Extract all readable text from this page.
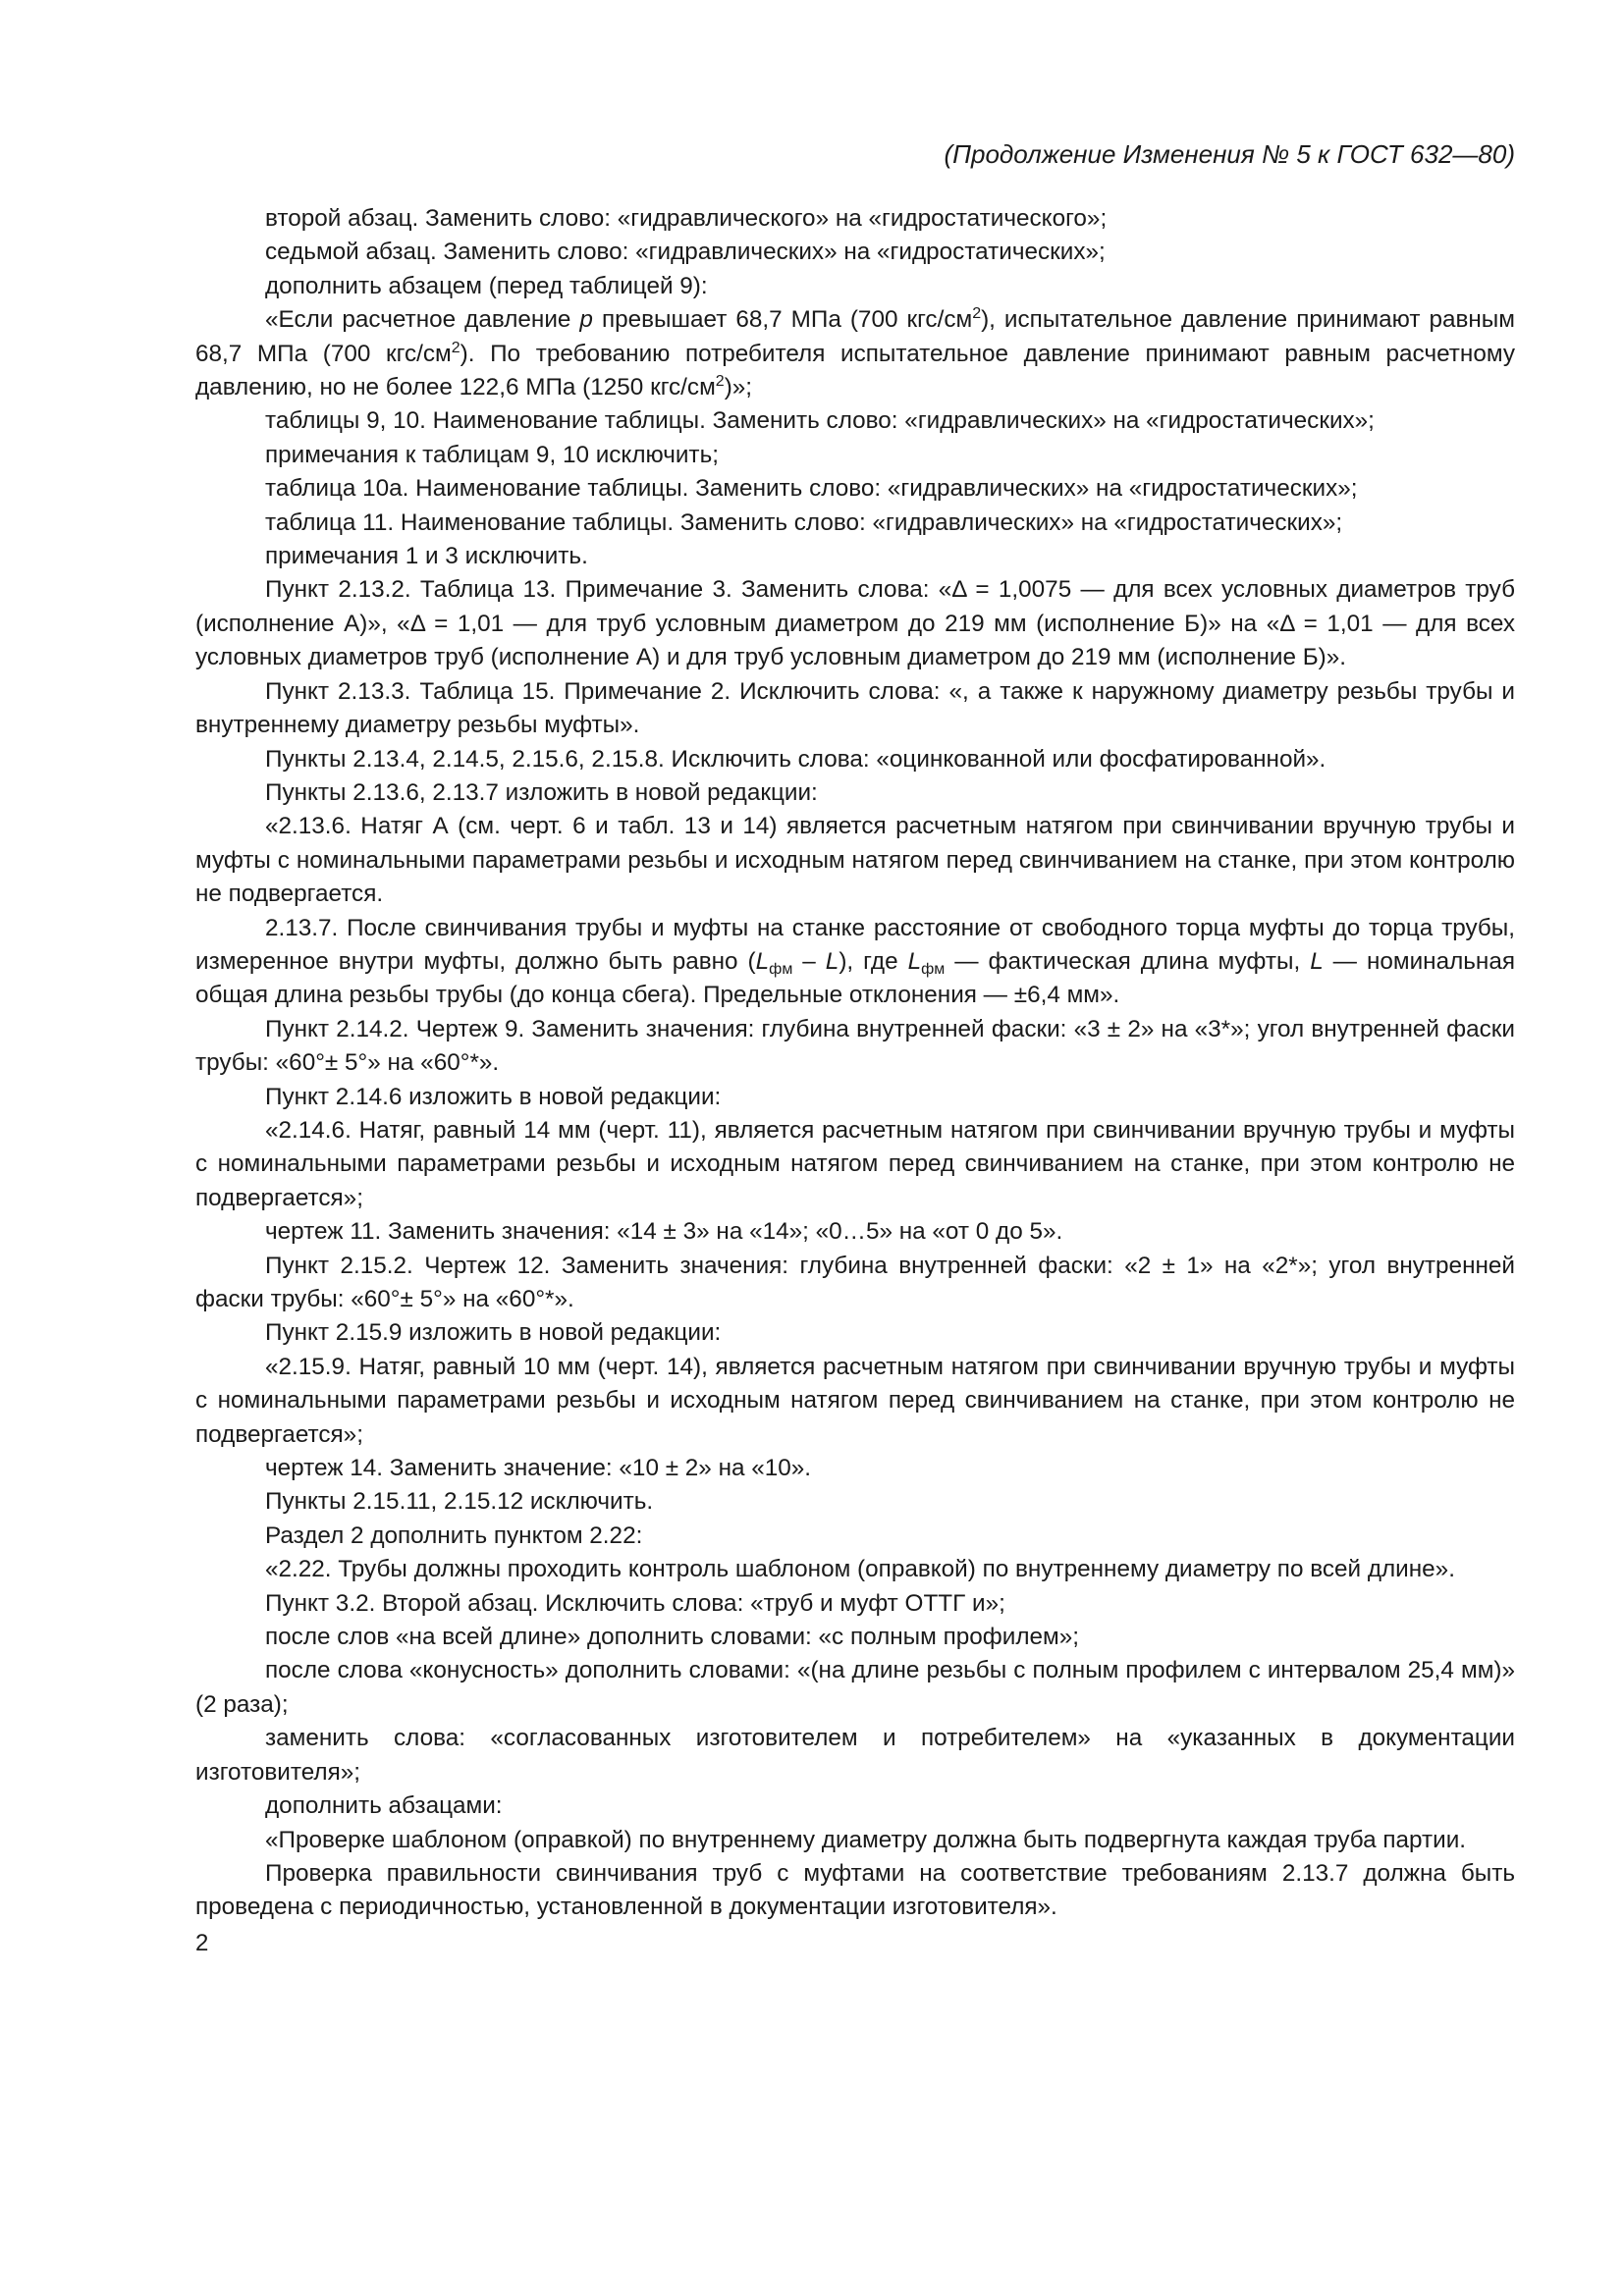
(Продолжение Изменения № 5 к ГОСТ 632—80)

второй абзац. Заменить слово: «гидравлического» на «гидростатического»;

седьмой абзац. Заменить слово: «гидравлических» на «гидростатических»;

дополнить абзацем (перед таблицей 9):

«Если расчетное давление р превышает 68,7 МПа (700 кгс/$см^2$), испытательное давление принимают равным 68,7 МПа (700 кгс/$см^2$). По требованию потребителя испытательное давление принимают равным расчетному давлению, но не более 122,6 МПа (1250 кгс/$см^2$)»;

таблицы 9, 10. Наименование таблицы. Заменить слово: «гидравлических» на «гидростатических»;

примечания к таблицам 9, 10 исключить;

таблица 10а. Наименование таблицы. Заменить слово: «гидравлических» на «гидростатических»;

таблица 11. Наименование таблицы. Заменить слово: «гидравлических» на «гидростатических»;

примечания 1 и 3 исключить.

Пункт 2.13.2. Таблица 13. Примечание 3. Заменить слова: «Δ = 1,0075 — для всех условных диаметров труб (исполнение А)», «Δ = 1,01 — для труб условным диаметром до 219 мм (исполнение Б)» на «Δ = 1,01 — для всех условных диаметров труб (исполнение А) и для труб условным диаметром до 219 мм (исполнение Б)».

Пункт 2.13.3. Таблица 15. Примечание 2. Исключить слова: «, а также к наружному диаметру резьбы трубы и внутреннему диаметру резьбы муфты».

Пункты 2.13.4, 2.14.5, 2.15.6, 2.15.8. Исключить слова: «оцинкованной или фосфатированной».

Пункты 2.13.6, 2.13.7 изложить в новой редакции:

«2.13.6. Натяг А (см. черт. 6 и табл. 13 и 14) является расчетным натягом при свинчивании вручную трубы и муфты с номинальными параметрами резьбы и исходным натягом перед свинчиванием на станке, при этом контролю не подвергается.

2.13.7. После свинчивания трубы и муфты на станке расстояние от свободного торца муфты до торца трубы, измеренное внутри муфты, должно быть равно $(L_{фм} - L)$, где $L_{фм}$ — фактическая длина муфты, L — номинальная общая длина резьбы трубы (до конца сбега). Предельные отклонения — ±6,4 мм».

Пункт 2.14.2. Чертеж 9. Заменить значения: глубина внутренней фаски: «3 ± 2» на «3*»; угол внутренней фаски трубы: «60°± 5°» на «60°*».

Пункт 2.14.6 изложить в новой редакции:

«2.14.6. Натяг, равный 14 мм (черт. 11), является расчетным натягом при свинчивании вручную трубы и муфты с номинальными параметрами резьбы и исходным натягом перед свинчиванием на станке, при этом контролю не подвергается»;

чертеж 11. Заменить значения: «14 ± 3» на «14»; «0…5» на «от 0 до 5».

Пункт 2.15.2. Чертеж 12. Заменить значения: глубина внутренней фаски: «2 ± 1» на «2*»; угол внутренней фаски трубы: «60°± 5°» на «60°*».

Пункт 2.15.9 изложить в новой редакции:

«2.15.9. Натяг, равный 10 мм (черт. 14), является расчетным натягом при свинчивании вручную трубы и муфты с номинальными параметрами резьбы и исходным натягом перед свинчиванием на станке, при этом контролю не подвергается»;

чертеж 14. Заменить значение: «10 ± 2» на «10».

Пункты 2.15.11, 2.15.12 исключить.

Раздел 2 дополнить пунктом 2.22:

«2.22. Трубы должны проходить контроль шаблоном (оправкой) по внутреннему диаметру по всей длине».

Пункт 3.2. Второй абзац. Исключить слова: «труб и муфт ОТТГ и»;

после слов «на всей длине» дополнить словами: «с полным профилем»;

после слова «конусность» дополнить словами: «(на длине резьбы с полным профилем с интервалом 25,4 мм)» (2 раза);

заменить слова: «согласованных изготовителем и потребителем» на «указанных в документации изготовителя»;

дополнить абзацами:

«Проверке шаблоном (оправкой) по внутреннему диаметру должна быть подвергнута каждая труба партии.

Проверка правильности свинчивания труб с муфтами на соответствие требованиям 2.13.7 должна быть проведена с периодичностью, установленной в документации изготовителя».

2
